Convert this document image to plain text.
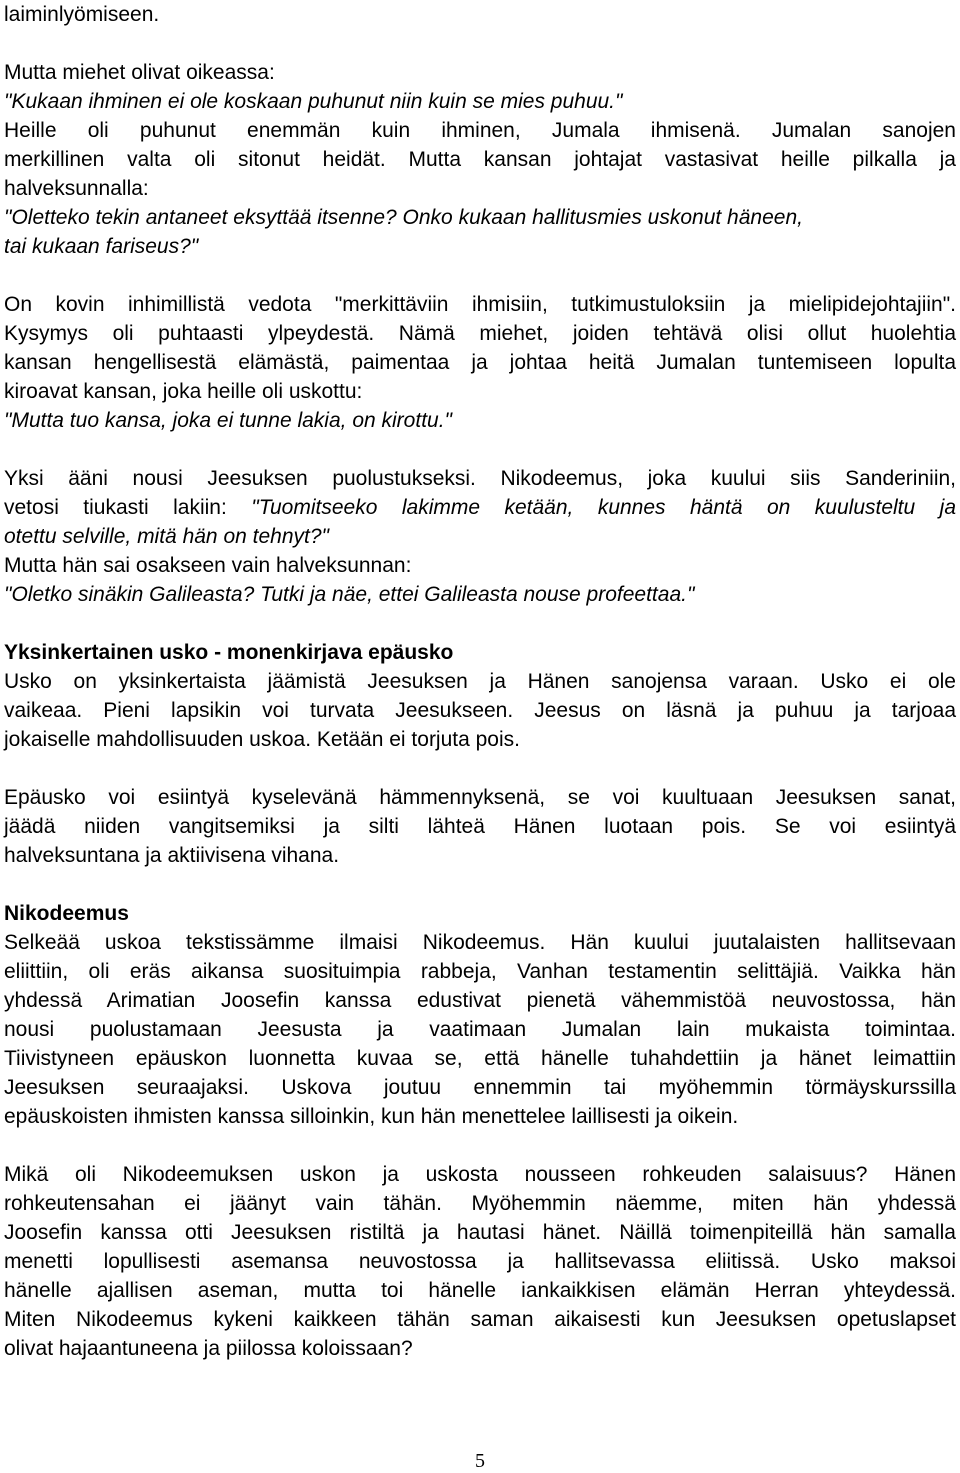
laiminlyömiseen.
Mutta miehet olivat oikeassa:
"Kukaan ihminen ei ole koskaan puhunut niin kuin se mies puhuu."
Heille oli puhunut enemmän kuin ihminen, Jumala ihmisenä. Jumalan sanojen
merkillinen valta oli sitonut heidät. Mutta kansan johtajat vastasivat heille pilkalla ja
halveksunnalla:
"Oletteko tekin antaneet eksyttää itsenne? Onko kukaan hallitusmies uskonut häneen,
tai kukaan fariseus?"
On kovin inhimillistä vedota "merkittäviin ihmisiin, tutkimustuloksiin ja mielipidejohtajiin".
Kysymys oli puhtaasti ylpeydestä. Nämä miehet, joiden tehtävä olisi ollut huolehtia
kansan hengellisestä elämästä, paimentaa ja johtaa heitä Jumalan tuntemiseen lopulta
kiroavat kansan, joka heille oli uskottu:
"Mutta tuo kansa, joka ei tunne lakia, on kirottu."
Yksi ääni nousi Jeesuksen puolustukseksi. Nikodeemus, joka kuului siis Sanderiniin,
vetosi tiukasti lakiin: "Tuomitseeko lakimme ketään, kunnes häntä on kuulusteltu ja
otettu selville, mitä hän on tehnyt?"
Mutta hän sai osakseen vain halveksunnan:
"Oletko sinäkin Galileasta? Tutki ja näe, ettei Galileasta nouse profeettaa."
Yksinkertainen usko - monenkirjava epäusko
Usko on yksinkertaista jäämistä Jeesuksen ja Hänen sanojensa varaan. Usko ei ole
vaikeaa. Pieni lapsikin voi turvata Jeesukseen. Jeesus on läsnä ja puhuu ja tarjoaa
jokaiselle mahdollisuuden uskoa. Ketään ei torjuta pois.
Epäusko voi esiintyä kyselevänä hämmennyksenä, se voi kuultuaan Jeesuksen sanat,
jäädä niiden vangitsemiksi ja silti lähteä Hänen luotaan pois. Se voi esiintyä
halveksuntana ja aktiivisena vihana.
Nikodeemus
Selkeää uskoa tekstissämme ilmaisi Nikodeemus. Hän kuului juutalaisten hallitsevaan
eliittiin, oli eräs aikansa suosituimpia rabbeja, Vanhan testamentin selittäjiä. Vaikka hän
yhdessä Arimatian Joosefin kanssa edustivat pienetä vähemmistöä neuvostossa, hän
nousi puolustamaan Jeesusta ja vaatimaan Jumalan lain mukaista toimintaa.
Tiivistyneen epäuskon luonnetta kuvaa se, että hänelle tuhahdettiin ja hänet leimattiin
Jeesuksen seuraajaksi. Uskova joutuu ennemmin tai myöhemmin törmäyskurssilla
epäuskoisten ihmisten kanssa silloinkin, kun hän menettelee laillisesti ja oikein.
Mikä oli Nikodeemuksen uskon ja uskosta nousseen rohkeuden salaisuus? Hänen
rohkeutensahan ei jäänyt vain tähän. Myöhemmin näemme, miten hän yhdessä
Joosefin kanssa otti Jeesuksen ristiltä ja hautasi hänet. Näillä toimenpiteillä hän samalla
menetti lopullisesti asemansa neuvostossa ja hallitsevassa eliitissä. Usko maksoi
hänelle ajallisen aseman, mutta toi hänelle iankaikkisen elämän Herran yhteydessä.
Miten Nikodeemus kykeni kaikkeen tähän saman aikaisesti kun Jeesuksen opetuslapset
olivat hajaantuneena ja piilossa koloissaan?
5
